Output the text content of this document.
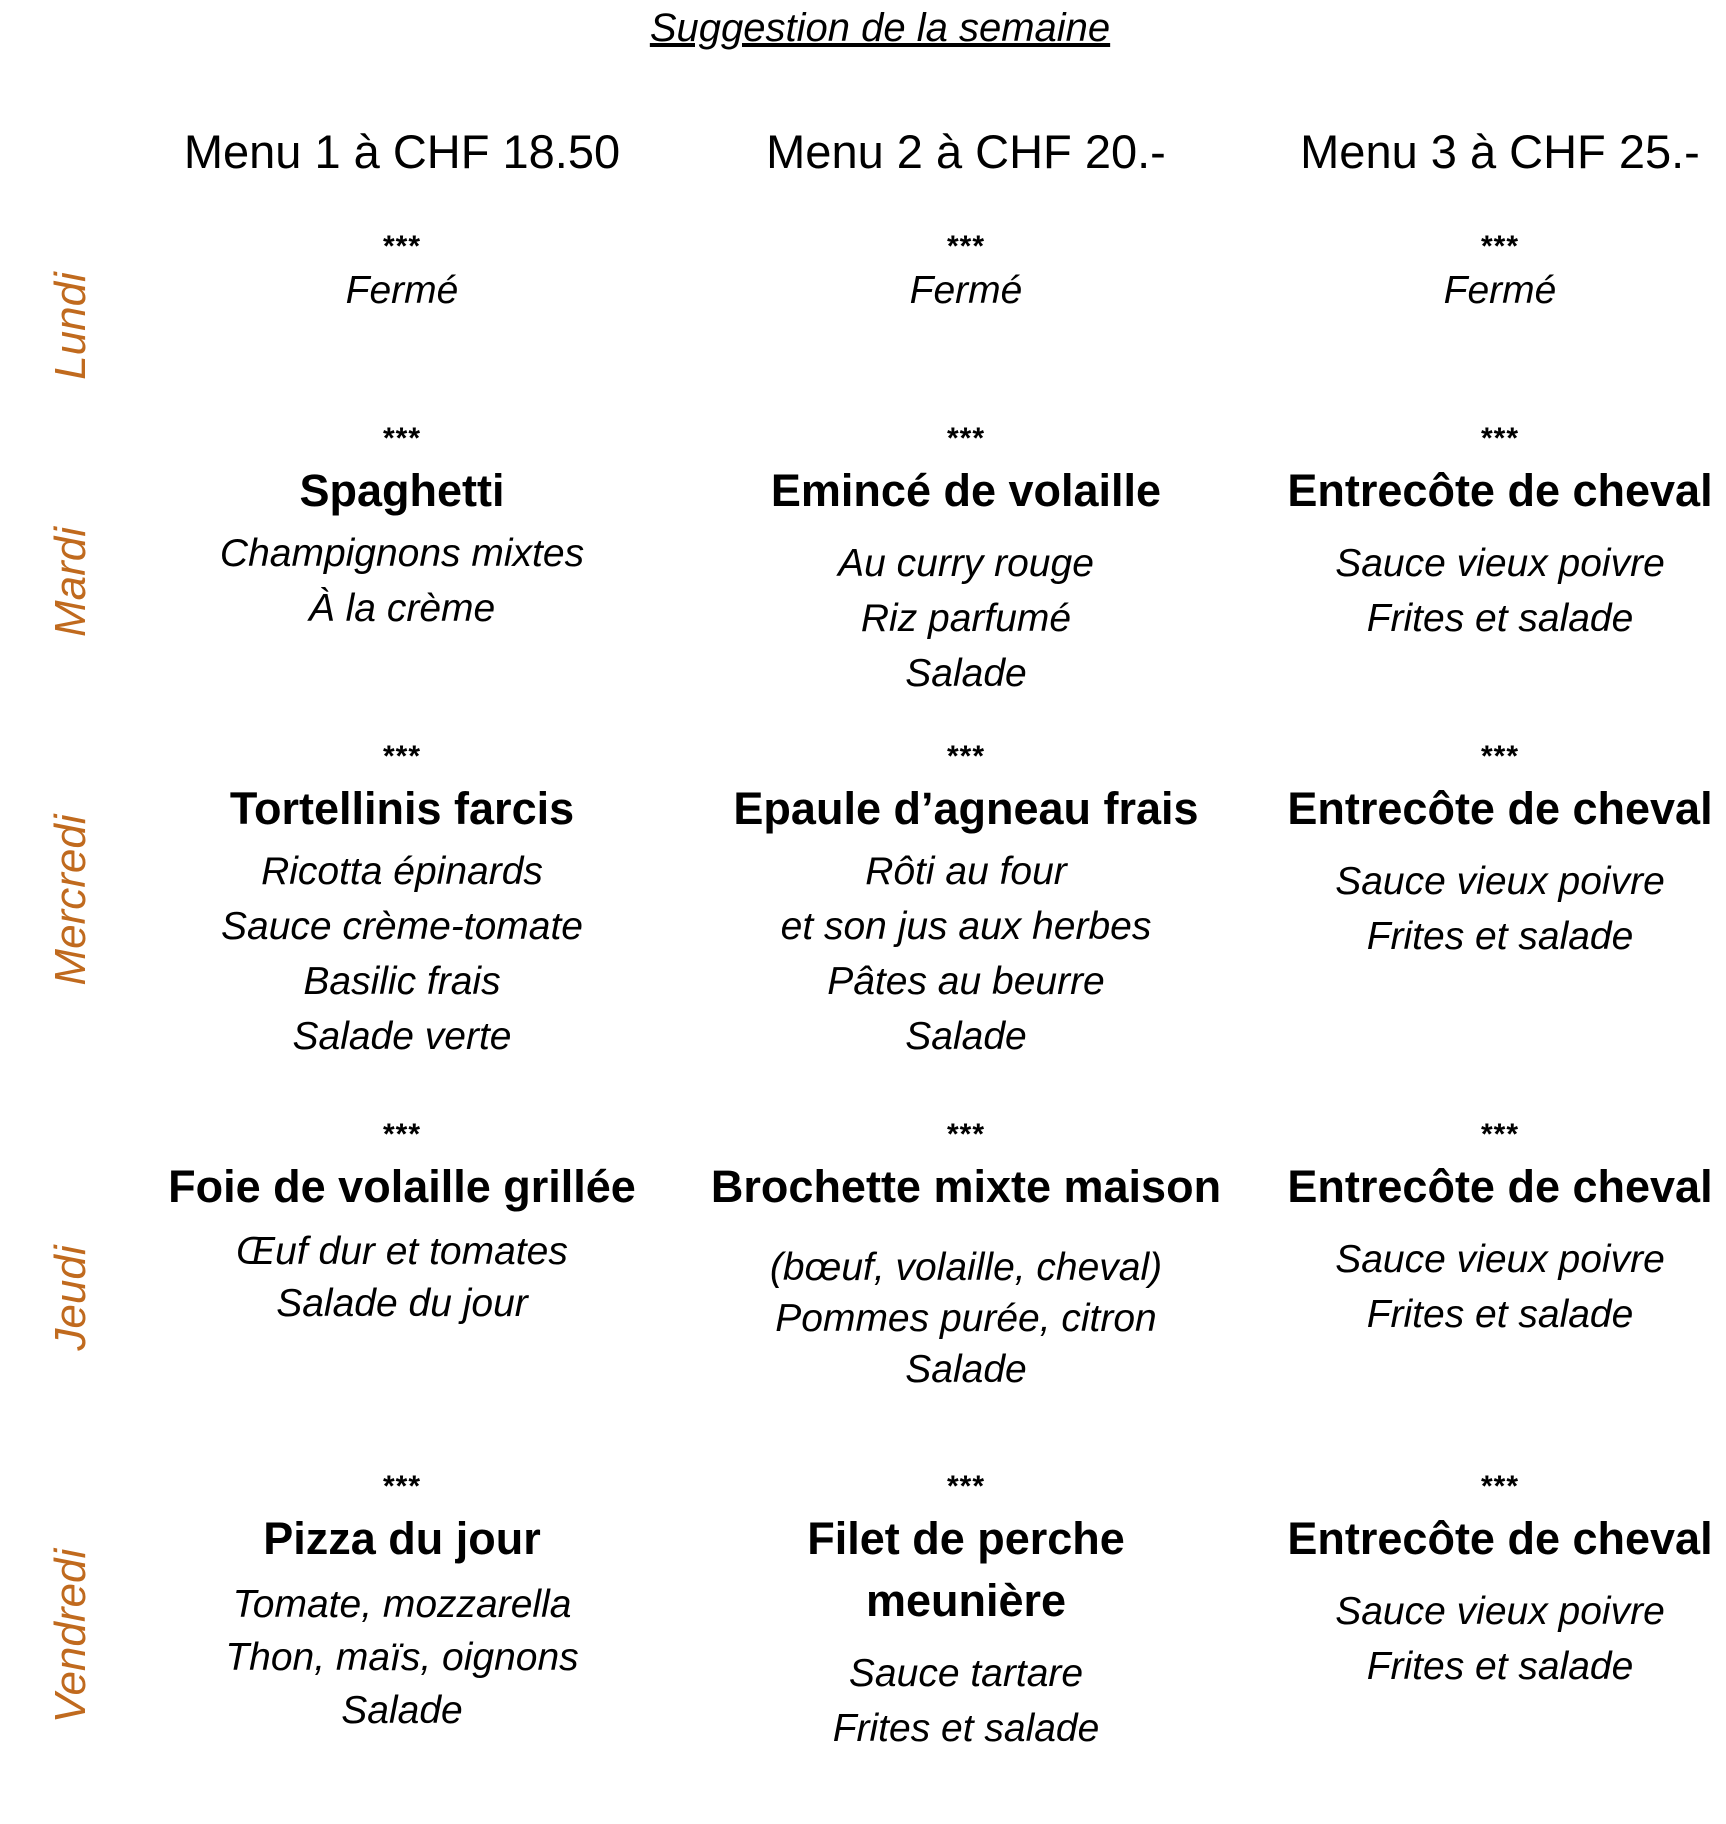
Suggestion de la semaine
Menu 1 à CHF 18.50	Menu 2 à CHF 20.-	Menu 3 à CHF 25.-
Lundi
Mardi
Mercredi
Jeudi
Vendredi
***
Fermé
***
Fermé
***
Fermé
***
Spaghetti
Champignons mixtes
À la crème
***
Emincé de volaille
Au curry rouge
Riz parfumé
Salade
***
Entrecôte de cheval
Sauce vieux poivre
Frites et salade
***
Tortellinis farcis
Ricotta épinards
Sauce crème-tomate
Basilic frais
Salade verte
***
Epaule d’agneau frais
Rôti au four
et son jus aux herbes
Pâtes au beurre
Salade
***
Entrecôte de cheval
Sauce vieux poivre
Frites et salade
***
Foie de volaille grillée
Œuf dur et tomates
Salade du jour
***
Brochette mixte maison
(bœuf, volaille, cheval)
Pommes purée, citron
Salade
***
Entrecôte de cheval
Sauce vieux poivre
Frites et salade
***
Pizza du jour
Tomate, mozzarella
Thon, maïs, oignons
Salade
***
Filet de perche
meunière
Sauce tartare
Frites et salade
***
Entrecôte de cheval
Sauce vieux poivre
Frites et salade
